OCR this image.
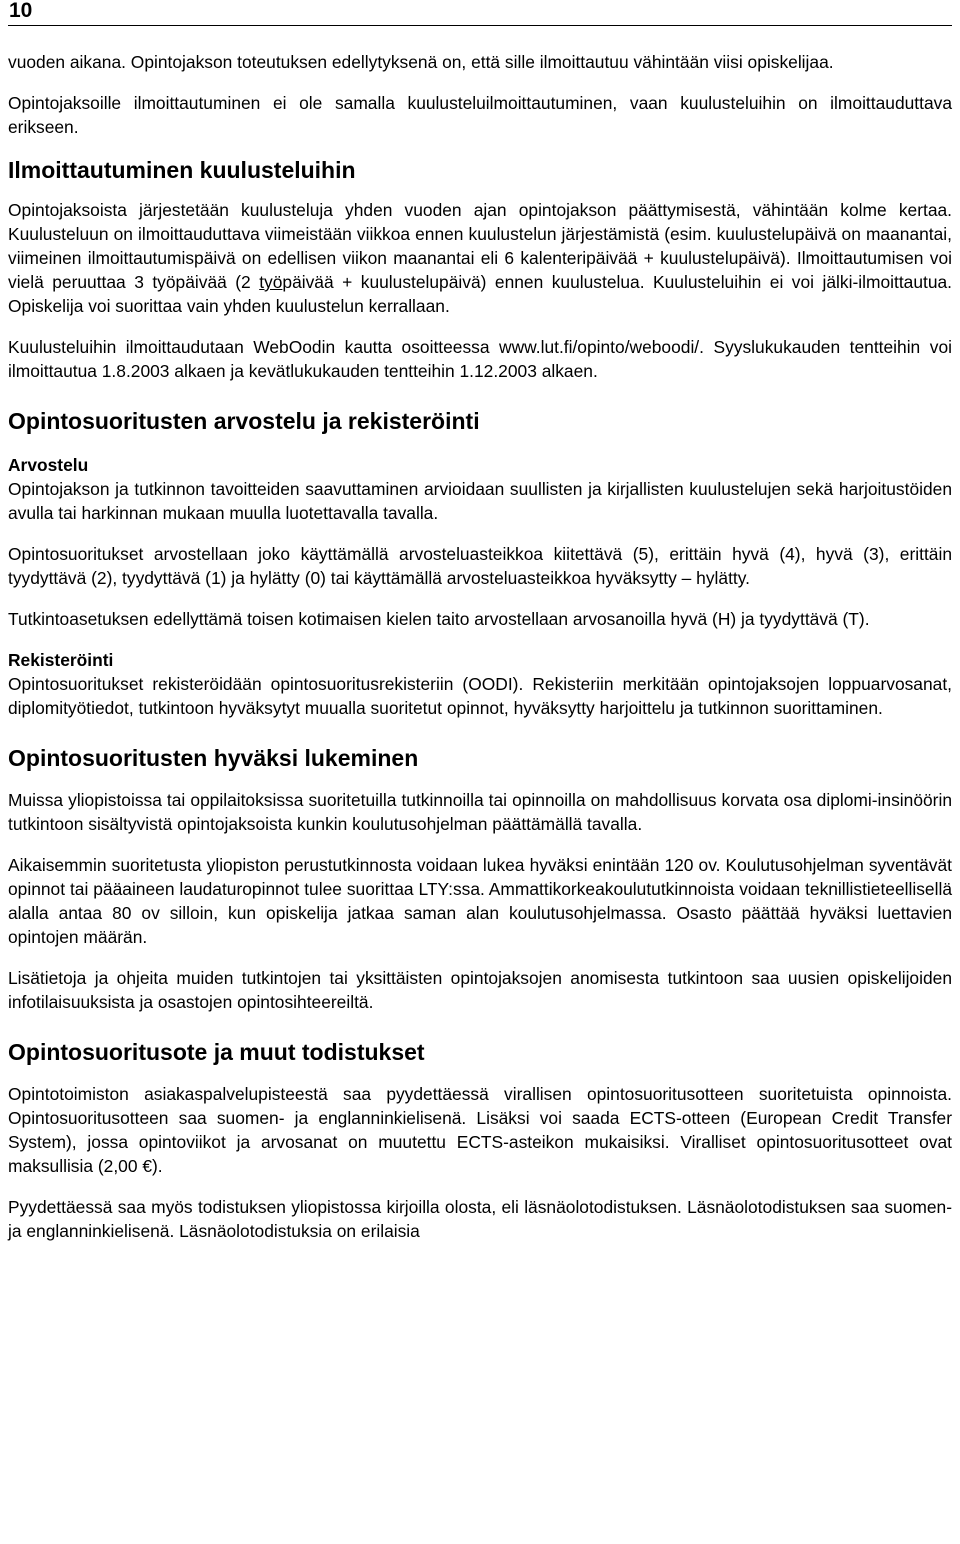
10

vuoden aikana. Opintojakson toteutuksen edellytyksenä on, että sille ilmoittautuu vähintään viisi opiskelijaa.

Opintojaksoille ilmoittautuminen ei ole samalla kuulusteluilmoittautuminen, vaan kuulusteluihin on ilmoittauduttava erikseen.

Ilmoittautuminen kuulusteluihin

Opintojaksoista järjestetään kuulusteluja yhden vuoden ajan opintojakson päättymisestä, vähintään kolme kertaa. Kuulusteluun on ilmoittauduttava viimeistään viikkoa ennen kuulustelun järjestämistä (esim. kuulustelupäivä on maanantai, viimeinen ilmoittautumispäivä on edellisen viikon maanantai eli 6 kalenteripäivää + kuulustelupäivä). Ilmoittautumisen voi vielä peruuttaa 3 työpäivää (2 työpäivää + kuulustelupäivä) ennen kuulustelua. Kuulusteluihin ei voi jälki-ilmoittautua. Opiskelija voi suorittaa vain yhden kuulustelun kerrallaan.

Kuulusteluihin ilmoittaudutaan WebOodin kautta osoitteessa www.lut.fi/opinto/weboodi/. Syyslukukauden tentteihin voi ilmoittautua 1.8.2003 alkaen ja kevätlukukauden tentteihin 1.12.2003 alkaen.

Opintosuoritusten arvostelu ja rekisteröinti
Arvostelu

Opintojakson ja tutkinnon tavoitteiden saavuttaminen arvioidaan suullisten ja kirjallisten kuulustelujen sekä harjoitustöiden avulla tai harkinnan mukaan muulla luotettavalla tavalla.

Opintosuoritukset arvostellaan joko käyttämällä arvosteluasteikkoa kiitettävä (5), erittäin hyvä (4), hyvä (3), erittäin tyydyttävä (2), tyydyttävä (1) ja hylätty (0) tai käyttämällä arvosteluasteikkoa hyväksytty – hylätty.

Tutkintoasetuksen edellyttämä toisen kotimaisen kielen taito arvostellaan arvosanoilla hyvä (H) ja tyydyttävä (T).

Rekisteröinti

Opintosuoritukset rekisteröidään opintosuoritusrekisteriin (OODI). Rekisteriin merkitään opintojaksojen loppuarvosanat, diplomityötiedot, tutkintoon hyväksytyt muualla suoritetut opinnot, hyväksytty harjoittelu ja tutkinnon suorittaminen.

Opintosuoritusten hyväksi lukeminen

Muissa yliopistoissa tai oppilaitoksissa suoritetuilla tutkinnoilla tai opinnoilla on mahdollisuus korvata osa diplomi-insinöörin tutkintoon sisältyvistä opintojaksoista kunkin koulutusohjelman päättämällä tavalla.

Aikaisemmin suoritetusta yliopiston perustutkinnosta voidaan lukea hyväksi enintään 120 ov. Koulutusohjelman syventävät opinnot tai pääaineen laudaturopinnot tulee suorittaa LTY:ssa. Ammattikorkeakoulututkinnoista voidaan teknillistieteellisellä alalla antaa 80 ov silloin, kun opiskelija jatkaa saman alan koulutusohjelmassa. Osasto päättää hyväksi luettavien opintojen määrän.

Lisätietoja ja ohjeita muiden tutkintojen tai yksittäisten opintojaksojen anomisesta tutkintoon saa uusien opiskelijoiden infotilaisuuksista ja osastojen opintosihteereiltä.

Opintosuoritusote ja muut todistukset

Opintotoimiston asiakaspalvelupisteestä saa pyydettäessä virallisen opintosuoritusotteen suoritetuista opinnoista. Opintosuoritusotteen saa suomen- ja englanninkielisenä. Lisäksi voi saada ECTS-otteen (European Credit Transfer System), jossa opintoviikot ja arvosanat on muutettu ECTS-asteikon mukaisiksi. Viralliset opintosuoritusotteet ovat maksullisia (2,00 €).

Pyydettäessä saa myös todistuksen yliopistossa kirjoilla olosta, eli läsnäolotodistuksen. Läsnäolotodistuksen saa suomen- ja englanninkielisenä. Läsnäolotodistuksia on erilaisia
